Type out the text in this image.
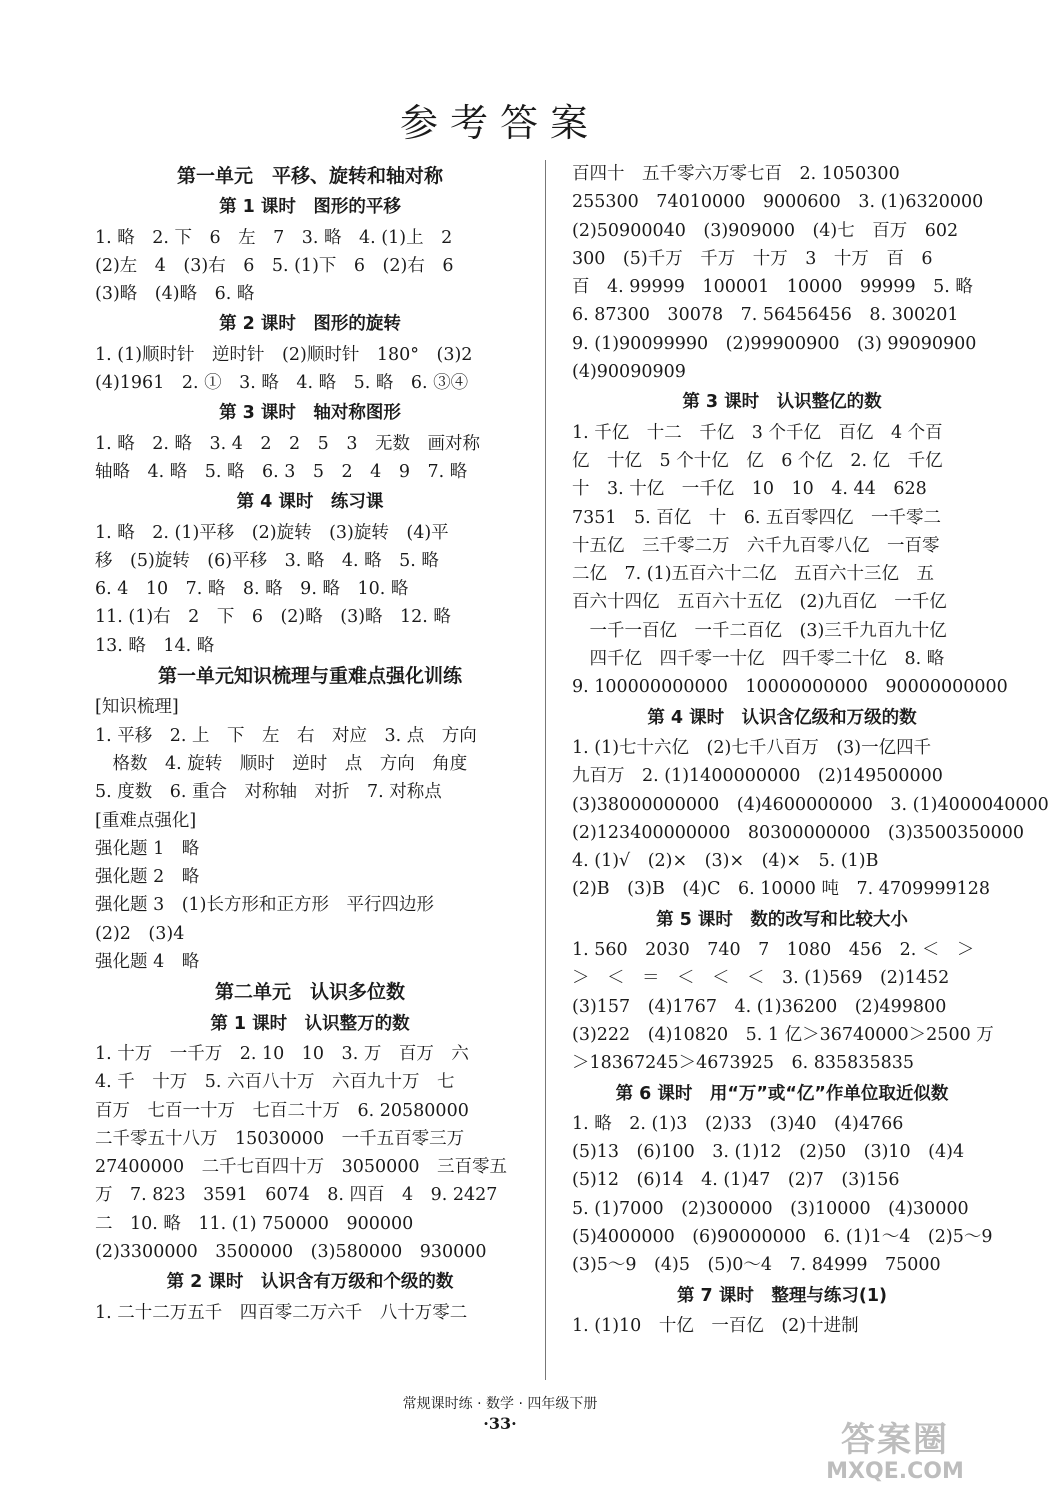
参考答案

第一单元　平移、旋转和轴对称

第 1 课时　图形的平移

1. 略　2. 下　6　左　7　3. 略　4. (1)上　2

(2)左　4　(3)右　6　5. (1)下　6　(2)右　6

(3)略　(4)略　6. 略

第 2 课时　图形的旋转

1. (1)顺时针　逆时针　(2)顺时针　180°　(3)2

(4)1961　2. ①　3. 略　4. 略　5. 略　6. ③④

第 3 课时　轴对称图形

1. 略　2. 略　3. 4　2　2　5　3　无数　画对称

轴略　4. 略　5. 略　6. 3　5　2　4　9　7. 略

第 4 课时　练习课

1. 略　2. (1)平移　(2)旋转　(3)旋转　(4)平

移　(5)旋转　(6)平移　3. 略　4. 略　5. 略

6. 4　10　7. 略　8. 略　9. 略　10. 略

11. (1)右　2　下　6　(2)略　(3)略　12. 略

13. 略　14. 略

第一单元知识梳理与重难点强化训练

[知识梳理]

1. 平移　2. 上　下　左　右　对应　3. 点　方向

　格数　4. 旋转　顺时　逆时　点　方向　角度

5. 度数　6. 重合　对称轴　对折　7. 对称点

[重难点强化]

强化题 1　略

强化题 2　略

强化题 3　(1)长方形和正方形　平行四边形

(2)2　(3)4

强化题 4　略

第二单元　认识多位数

第 1 课时　认识整万的数

1. 十万　一千万　2. 10　10　3. 万　百万　六

4. 千　十万　5. 六百八十万　六百九十万　七

百万　七百一十万　七百二十万　6. 20580000

二千零五十八万　15030000　一千五百零三万

27400000　二千七百四十万　3050000　三百零五

万　7. 823　3591　6074　8. 四百　4　9. 2427

二　10. 略　11. (1) 750000　900000

(2)3300000　3500000　(3)580000　930000

第 2 课时　认识含有万级和个级的数

1. 二十二万五千　四百零二万六千　八十万零二

百四十　五千零六万零七百　2. 1050300

255300　74010000　9000600　3. (1)6320000

(2)50900040　(3)909000　(4)七　百万　602

300　(5)千万　千万　十万　3　十万　百　6

百　4. 99999　100001　10000　99999　5. 略

6. 87300　30078　7. 56456456　8. 300201

9. (1)90099990　(2)99900900　(3) 99090900

(4)90090909

第 3 课时　认识整亿的数

1. 千亿　十二　千亿　3 个千亿　百亿　4 个百

亿　十亿　5 个十亿　亿　6 个亿　2. 亿　千亿

十　3. 十亿　一千亿　10　10　4. 44　628

7351　5. 百亿　十　6. 五百零四亿　一千零二

十五亿　三千零二万　六千九百零八亿　一百零

二亿　7. (1)五百六十二亿　五百六十三亿　五

百六十四亿　五百六十五亿　(2)九百亿　一千亿

　一千一百亿　一千二百亿　(3)三千九百九十亿

　四千亿　四千零一十亿　四千零二十亿　8. 略

9. 100000000000　10000000000　90000000000

第 4 课时　认识含亿级和万级的数

1. (1)七十六亿　(2)七千八百万　(3)一亿四千

九百万　2. (1)1400000000　(2)149500000

(3)38000000000　(4)4600000000　3. (1)4000040000

(2)123400000000　80300000000　(3)3500350000

4. (1)√　(2)×　(3)×　(4)×　5. (1)B

(2)B　(3)B　(4)C　6. 10000 吨　7. 4709999128

第 5 课时　数的改写和比较大小

1. 560　2030　740　7　1080　456　2. ＜　＞

＞　＜　＝　＜　＜　＜　3. (1)569　(2)1452

(3)157　(4)1767　4. (1)36200　(2)499800

(3)222　(4)10820　5. 1 亿＞36740000＞2500 万

＞18367245＞4673925　6. 835835835

第 6 课时　用“万”或“亿”作单位取近似数

1. 略　2. (1)3　(2)33　(3)40　(4)4766

(5)13　(6)100　3. (1)12　(2)50　(3)10　(4)4

(5)12　(6)14　4. (1)47　(2)7　(3)156

5. (1)7000　(2)300000　(3)10000　(4)30000

(5)4000000　(6)90000000　6. (1)1～4　(2)5～9

(3)5～9　(4)5　(5)0～4　7. 84999　75000

第 7 课时　整理与练习(1)

1. (1)10　十亿　一百亿　(2)十进制

常规课时练 · 数学 · 四年级下册
·33·	答案圈
MXQE.COM
